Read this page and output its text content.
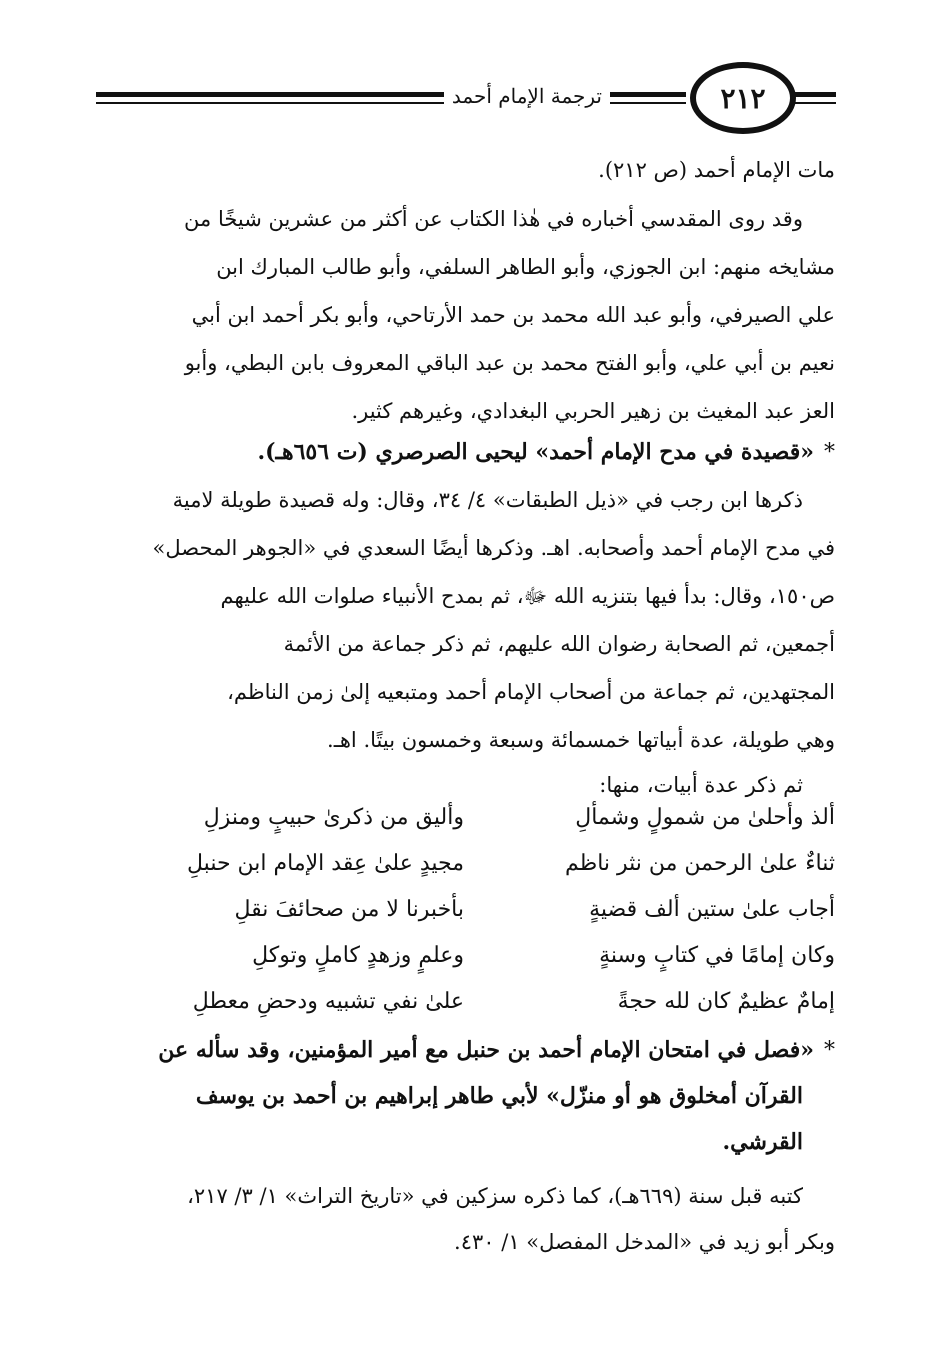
ترجمة الإمام أحمد	٢١٢
مات الإمام أحمد (ص ٢١٢).
وقد روى المقدسي أخباره في هٰذا الكتاب عن أكثر من عشرين شيخًا من
مشايخه منهم: ابن الجوزي، وأبو الطاهر السلفي، وأبو طالب المبارك ابن
علي الصيرفي، وأبو عبد الله محمد بن حمد الأرتاحي، وأبو بكر أحمد ابن أبي
نعيم بن أبي علي، وأبو الفتح محمد بن عبد الباقي المعروف بابن البطي، وأبو
العز عبد المغيث بن زهير الحربي البغدادي، وغيرهم كثير.
*«قصيدة في مدح الإمام أحمد» ليحيى الصرصري (ت ٦٥٦هـ).
ذكرها ابن رجب في «ذيل الطبقات» ٤/ ٣٤، وقال: وله قصيدة طويلة لامية
في مدح الإمام أحمد وأصحابه. اهـ. وذكرها أيضًا السعدي في «الجوهر المحصل»
ص١٥٠، وقال: بدأ فيها بتنزيه الله ﷻ، ثم بمدح الأنبياء صلوات الله عليهم
أجمعين، ثم الصحابة رضوان الله عليهم، ثم ذكر جماعة من الأئمة
المجتهدين، ثم جماعة من أصحاب الإمام أحمد ومتبعيه إلىٰ زمن الناظم،
وهي طويلة، عدة أبياتها خمسمائة وسبعة وخمسون بيتًا. اهـ.
ثم ذكر عدة أبيات، منها:
ألذ وأحلىٰ من شمولٍ وشمألِ
وأليق من ذكرىٰ حبيبٍ ومنزلِ
ثناءٌ علىٰ الرحمن من نثر ناظم
مجيدٍ علىٰ عِقد الإمام ابن حنبلِ
أجاب علىٰ ستين ألف قضيةٍ
بأخبرنا لا من صحائفَ نقلِ
وكان إمامًا في كتابٍ وسنةٍ
وعلمٍ وزهدٍ كاملٍ وتوكلِ
إمامٌ عظيمٌ كان لله حجةً
علىٰ نفي تشبيه ودحضِ معطلِ
*«فصل في امتحان الإمام أحمد بن حنبل مع أمير المؤمنين، وقد سأله عن
القرآن أمخلوق هو أو منزّل» لأبي طاهر إبراهيم بن أحمد بن يوسف
القرشي.
كتبه قبل سنة (٦٦٩هـ)، كما ذكره سزكين في «تاريخ التراث» ١/ ٣/ ٢١٧،
وبكر أبو زيد في «المدخل المفصل» ١/ ٤٣٠.
